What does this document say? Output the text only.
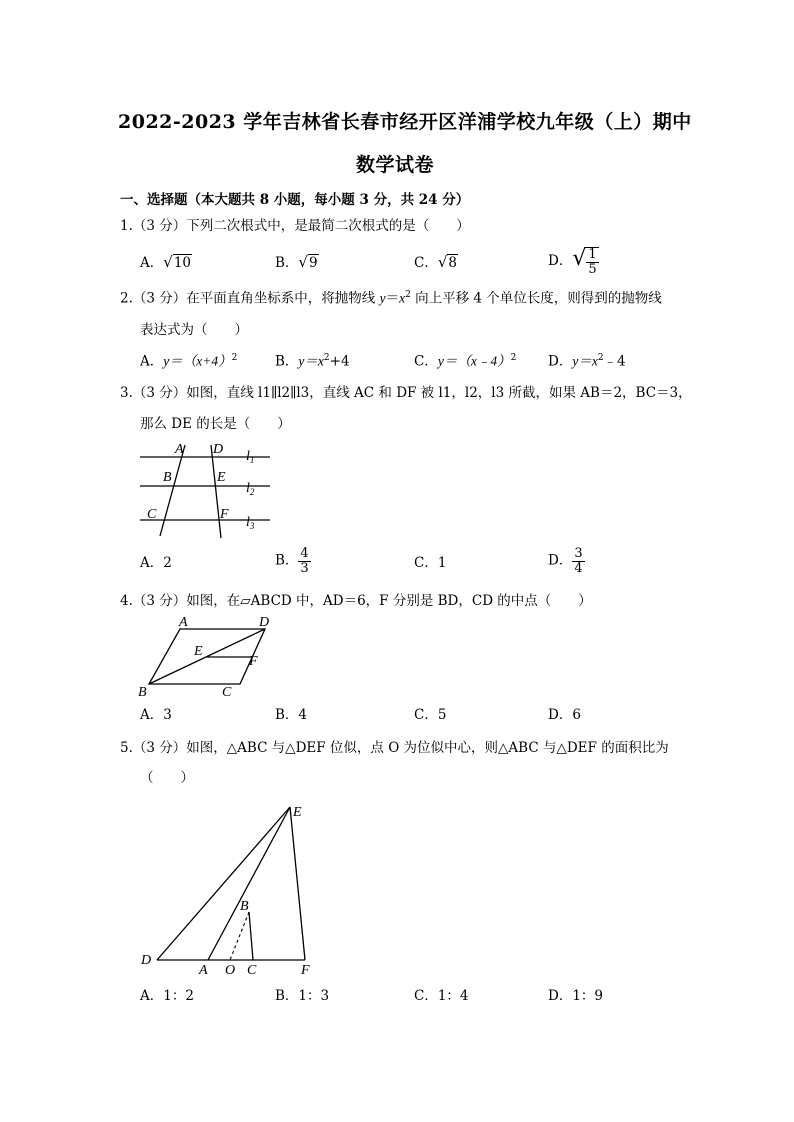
2022-2023 学年吉林省长春市经开区洋浦学校九年级（上）期中
数学试卷
一、选择题（本大题共 8 小题，每小题 3 分，共 24 分）
1.（3 分）下列二次根式中，是最简二次根式的是（　　）
A．√10	B．√9	C．√8	D．√ $\frac{1}{5}$
2.（3 分）在平面直角坐标系中，将抛物线 $y=x^2$ 向上平移 4 个单位长度，则得到的抛物线
表达式为（　　）
A．$y=(x+4)^2$	B．$y=x^2+4$	C．y＝（x﹣4）$^2$ D．$y=x^2﹣4$
3.（3 分）如图，直线 l1∥l2∥l3，直线 AC 和 DF 被 l1，l2，l3 所截，如果 AB＝2，BC＝3，
那么 DE 的长是（　　）
A D
B	E
C	F
$l_1$
$l_2$
$l_3$
A．2	B． $\frac{4}{3}$	C．1	D． $\frac{3}{4}$
4.（3 分）如图，在▱ABCD 中，AD＝6，F 分别是 BD，CD 的中点（　　）
A	D
E
F
B	C
A．3	B．4	C．5	D．6
5.（3 分）如图，△ABC 与△DEF 位似，点 O 为位似中心，则△ABC 与△DEF 的面积比为
（　　）
E
B
D
A O C	F
A．1：2	B．1：3	C．1：4	D．1：9
